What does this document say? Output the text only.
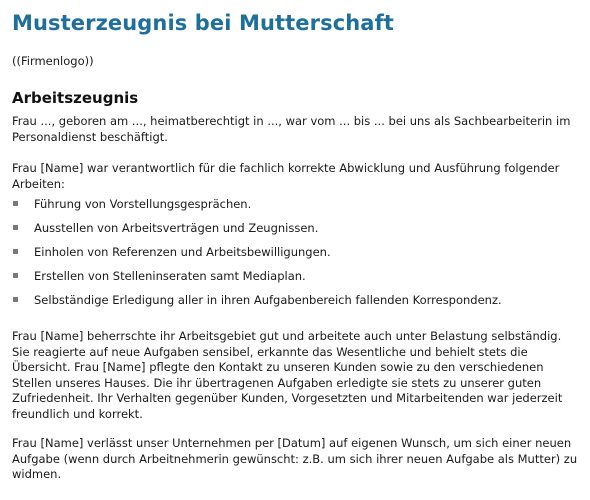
Musterzeugnis bei Mutterschaft
((Firmenlogo))
Arbeitszeugnis

Frau ..., geboren am ..., heimatberechtigt in ..., war vom ... bis ... bei uns als Sachbearbeiterin im Personaldienst beschäftigt.

Frau [Name] war verantwortlich für die fachlich korrekte Abwicklung und Ausführung folgender Arbeiten:

Führung von Vorstellungsgesprächen.
Ausstellen von Arbeitsverträgen und Zeugnissen.
Einholen von Referenzen und Arbeitsbewilligungen.
Erstellen von Stelleninseraten samt Mediaplan.
Selbständige Erledigung aller in ihren Aufgabenbereich fallenden Korrespondenz.

Frau [Name] beherrschte ihr Arbeitsgebiet gut und arbeitete auch unter Belastung selbständig. Sie reagierte auf neue Aufgaben sensibel, erkannte das Wesentliche und behielt stets die Übersicht. Frau [Name] pflegte den Kontakt zu unseren Kunden sowie zu den verschiedenen Stellen unseres Hauses. Die ihr übertragenen Aufgaben erledigte sie stets zu unserer guten Zufriedenheit. Ihr Verhalten gegenüber Kunden, Vorgesetzten und Mitarbeitenden war jederzeit freundlich und korrekt.

Frau [Name] verlässt unser Unternehmen per [Datum] auf eigenen Wunsch, um sich einer neuen Aufgabe (wenn durch Arbeitnehmerin gewünscht: z.B. um sich ihrer neuen Aufgabe als Mutter) zu widmen.
